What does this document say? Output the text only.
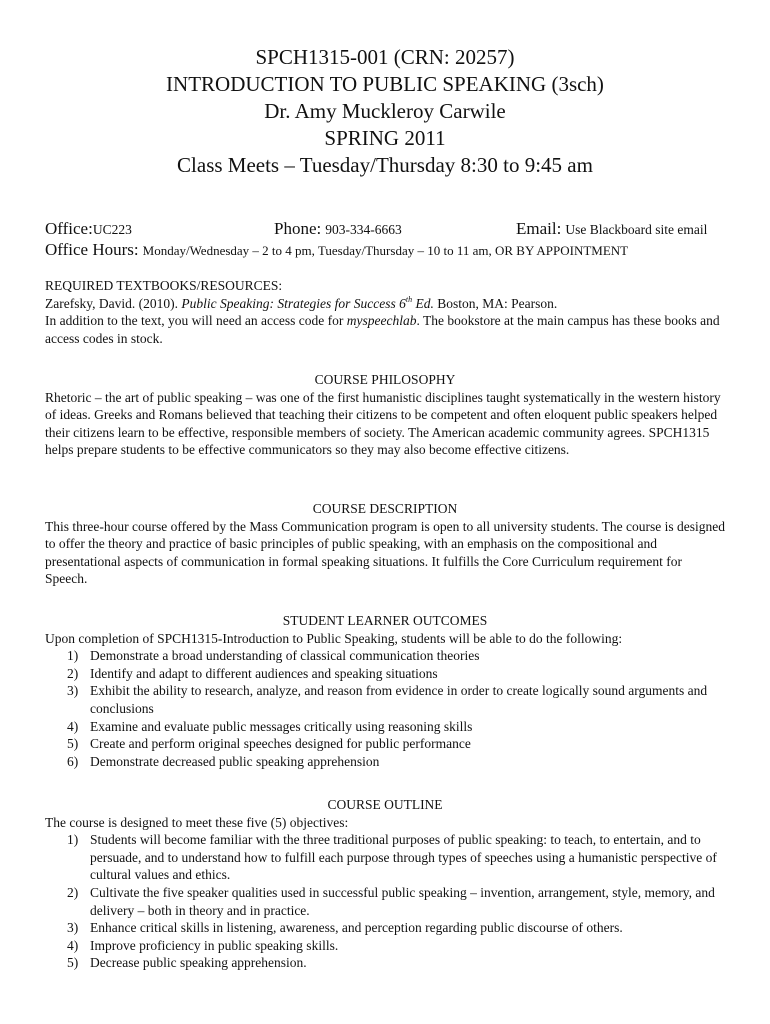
SPCH1315-001 (CRN: 20257)
INTRODUCTION TO PUBLIC SPEAKING (3sch)
Dr. Amy Muckleroy Carwile
SPRING 2011
Class Meets – Tuesday/Thursday 8:30 to 9:45 am
Office:UC223	Phone: 903-334-6663	Email: Use Blackboard site email
Office Hours: Monday/Wednesday – 2 to 4 pm, Tuesday/Thursday – 10 to 11 am, OR BY APPOINTMENT
REQUIRED TEXTBOOKS/RESOURCES:

Zarefsky, David. (2010). Public Speaking: Strategies for Success 6th Ed. Boston, MA: Pearson.

In addition to the text, you will need an access code for myspeechlab. The bookstore at the main campus has these books and access codes in stock.

COURSE PHILOSOPHY

Rhetoric – the art of public speaking – was one of the first humanistic disciplines taught systematically in the western history of ideas. Greeks and Romans believed that teaching their citizens to be competent and often eloquent public speakers helped their citizens learn to be effective, responsible members of society. The American academic community agrees. SPCH1315 helps prepare students to be effective communicators so they may also become effective citizens.

COURSE DESCRIPTION

This three-hour course offered by the Mass Communication program is open to all university students. The course is designed to offer the theory and practice of basic principles of public speaking, with an emphasis on the compositional and presentational aspects of communication in formal speaking situations. It fulfills the Core Curriculum requirement for Speech.

STUDENT LEARNER OUTCOMES

Upon completion of SPCH1315-Introduction to Public Speaking, students will be able to do the following:

1) Demonstrate a broad understanding of classical communication theories
2) Identify and adapt to different audiences and speaking situations
3) Exhibit the ability to research, analyze, and reason from evidence in order to create logically sound arguments and conclusions
4) Examine and evaluate public messages critically using reasoning skills
5) Create and perform original speeches designed for public performance
6) Demonstrate decreased public speaking apprehension
COURSE OUTLINE

The course is designed to meet these five (5) objectives:

1) Students will become familiar with the three traditional purposes of public speaking: to teach, to entertain, and to persuade, and to understand how to fulfill each purpose through types of speeches using a humanistic perspective of cultural values and ethics.
2) Cultivate the five speaker qualities used in successful public speaking – invention, arrangement, style, memory, and delivery – both in theory and in practice.
3) Enhance critical skills in listening, awareness, and perception regarding public discourse of others.
4) Improve proficiency in public speaking skills.
5) Decrease public speaking apprehension.
